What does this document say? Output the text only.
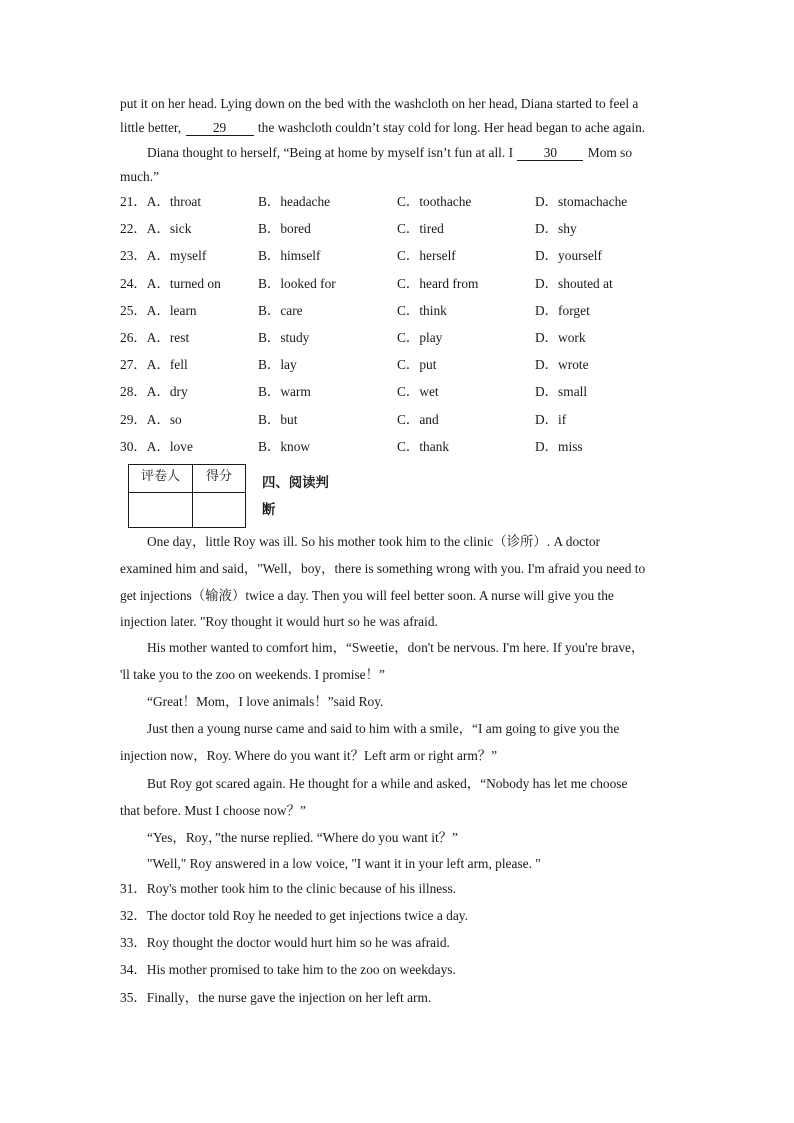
put it on her head. Lying down on the bed with the washcloth on her head, Diana started to feel a
little better, 29 the washcloth couldn’t stay cold for long. Her head began to ache again.
Diana thought to herself, “Being at home by myself isn’t fun at all. I 30 Mom so
much.”
21．A．throat	B．headache	C．toothache	D．stomachache
22．A．sick	B．bored	C．tired	D．shy
23．A．myself	B．himself	C．herself	D．yourself
24．A．turned on	B．looked for	C．heard from	D．shouted at
25．A．learn	B．care	C．think	D．forget
26．A．rest	B．study	C．play	D．work
27．A．fell	B．lay	C．put	D．wrote
28．A．dry	B．warm	C．wet	D．small
29．A．so	B．but	C．and	D．if
30．A．love	B．know	C．thank	D．miss
评卷人	得分

四、阅读判
断
One day，little Roy was ill. So his mother took him to the clinic（诊所）. A doctor
examined him and said，"Well，boy，there is something wrong with you. I'm afraid you need to
get injections（输液）twice a day. Then you will feel better soon. A nurse will give you the
injection later. "Roy thought it would hurt so he was afraid.
His mother wanted to comfort him，“Sweetie，don't be nervous. I'm here. If you're brave，
'll take you to the zoo on weekends. I promise！”
“Great！Mom，I love animals！”said Roy.
Just then a young nurse came and said to him with a smile，“I am going to give you the
injection now，Roy. Where do you want it？Left arm or right arm？”
But Roy got scared again. He thought for a while and asked，“Nobody has let me choose
that before. Must I choose now？”
“Yes，Roy，”the nurse replied. “Where do you want it？”
"Well," Roy answered in a low voice, "I want it in your left arm, please. "
31．Roy's mother took him to the clinic because of his illness.
32．The doctor told Roy he needed to get injections twice a day.
33．Roy thought the doctor would hurt him so he was afraid.
34．His mother promised to take him to the zoo on weekdays.
35．Finally，the nurse gave the injection on her left arm.
